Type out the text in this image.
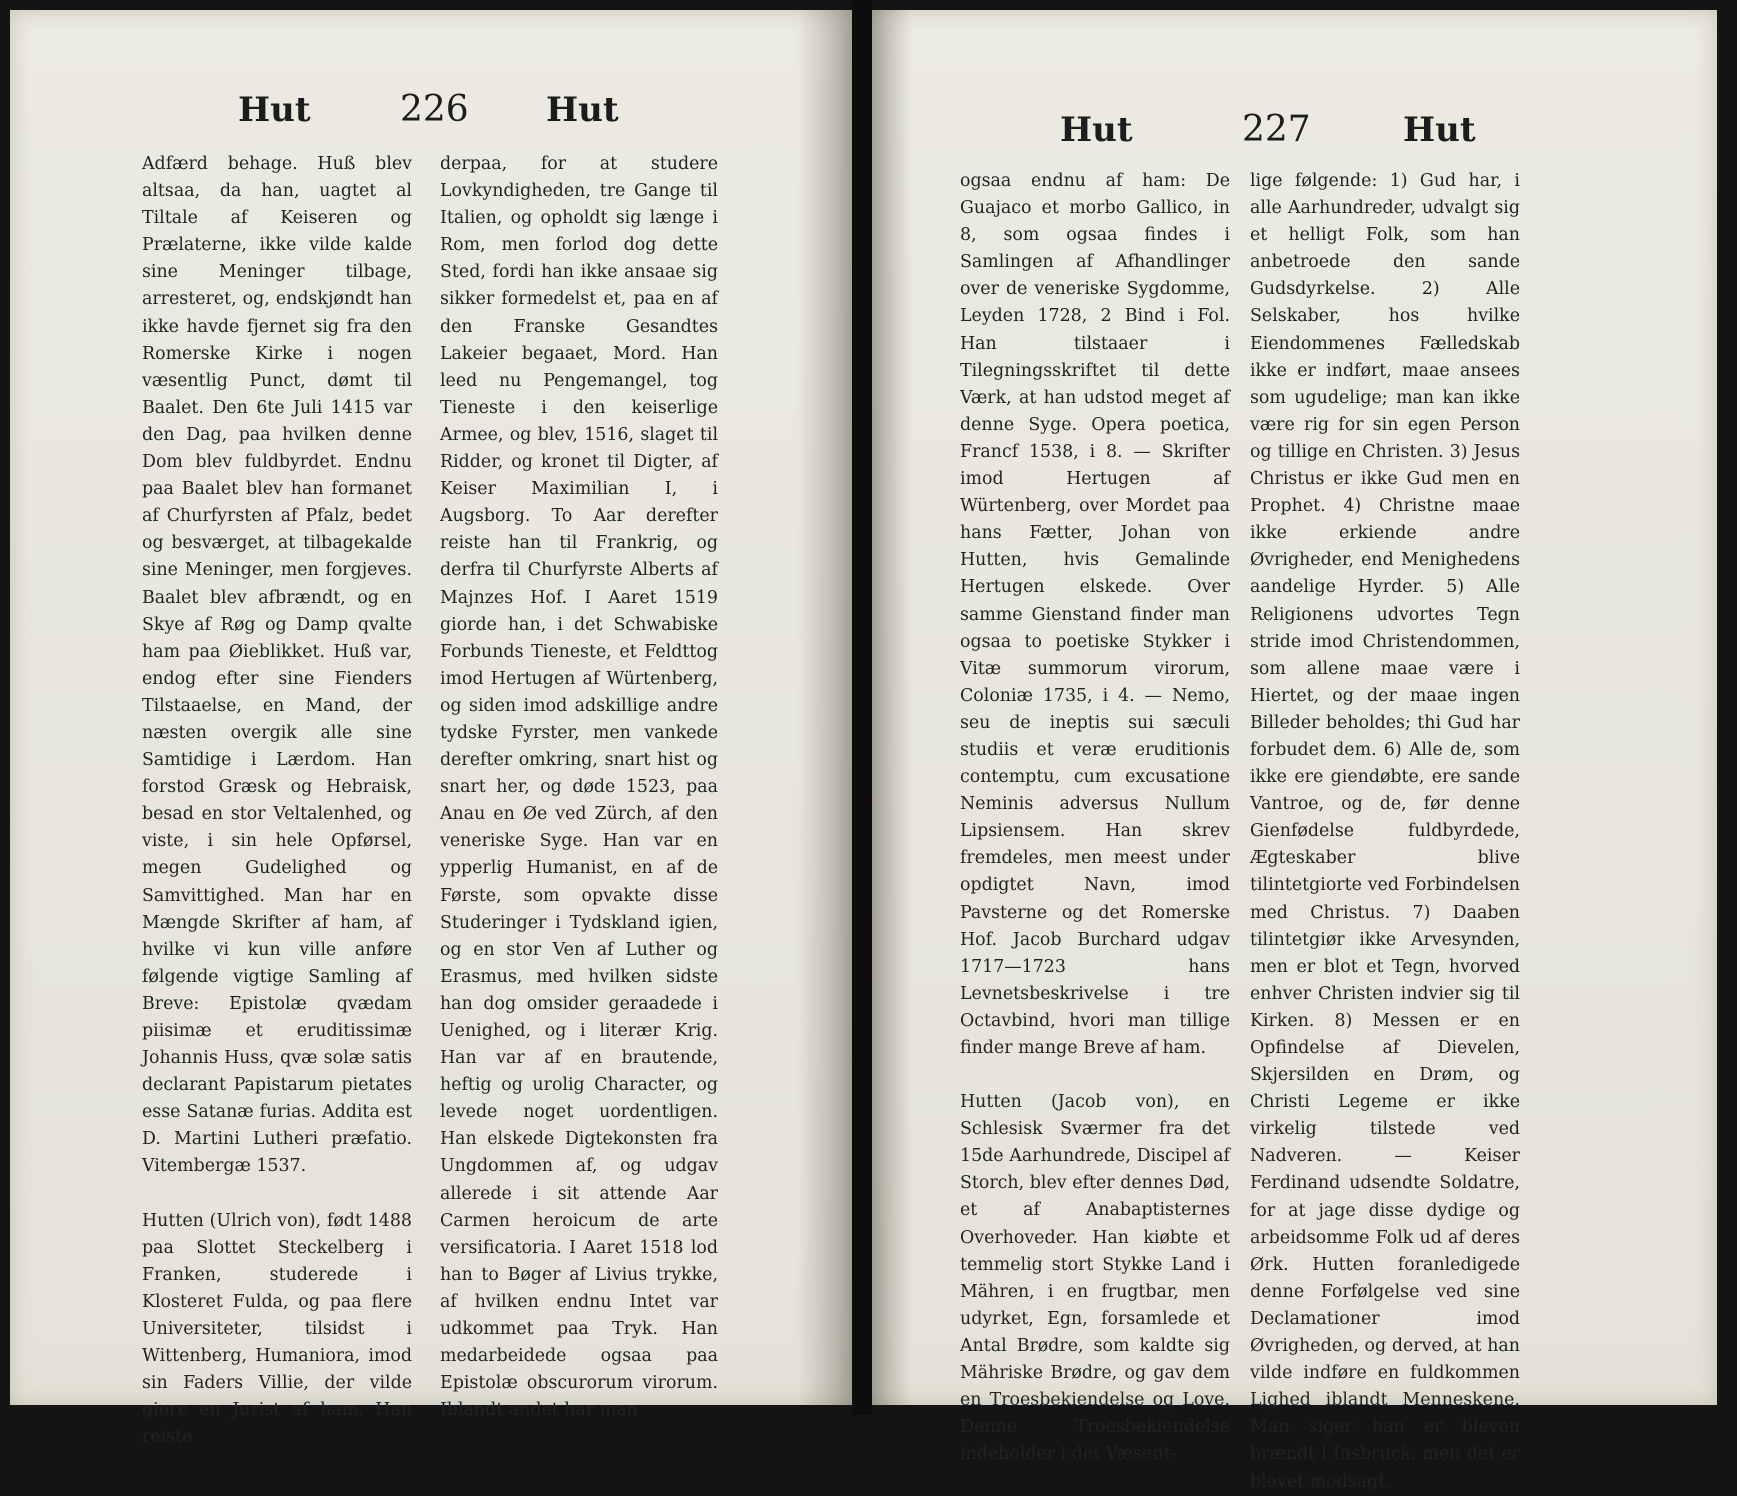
Hut 226 Hut

Adfærd behage. Huß blev altsaa, da han, uagtet al Tiltale af Keiseren og Prælaterne, ikke vilde kalde sine Meninger tilbage, arresteret, og, endskjøndt han ikke havde fjernet sig fra den Romerske Kirke i nogen væsentlig Punct, dømt til Baalet. Den 6te Juli 1415 var den Dag, paa hvilken denne Dom blev fuldbyrdet. Endnu paa Baalet blev han formanet af Churfyrsten af Pfalz, bedet og besværget, at tilbagekalde sine Meninger, men forgjeves. Baalet blev afbrændt, og en Skye af Røg og Damp qvalte ham paa Øieblikket. Huß var, endog efter sine Fienders Tilstaaelse, en Mand, der næsten overgik alle sine Samtidige i Lærdom. Han forstod Græsk og Hebraisk, besad en stor Veltalenhed, og viste, i sin hele Opførsel, megen Gudelighed og Samvittighed. Man har en Mængde Skrifter af ham, af hvilke vi kun ville anføre følgende vigtige Samling af Breve: Epistolæ qvædam piisimæ et eruditissimæ Johannis Huss, qvæ solæ satis declarant Papistarum pietates esse Satanæ furias. Addita est D. Martini Lutheri præfatio. Vitembergæ 1537.

Hutten (Ulrich von), født 1488 paa Slottet Steckelberg i Franken, studerede i Klosteret Fulda, og paa flere Universiteter, tilsidst i Wittenberg, Humaniora, imod sin Faders Villie, der vilde giøre en Jurist af ham. Han reiste

derpaa, for at studere Lovkyndigheden, tre Gange til Italien, og opholdt sig længe i Rom, men forlod dog dette Sted, fordi han ikke ansaae sig sikker formedelst et, paa en af den Franske Gesandtes Lakeier begaaet, Mord. Han leed nu Pengemangel, tog Tieneste i den keiserlige Armee, og blev, 1516, slaget til Ridder, og kronet til Digter, af Keiser Maximilian I, i Augsborg. To Aar derefter reiste han til Frankrig, og derfra til Churfyrste Alberts af Majnzes Hof. I Aaret 1519 giorde han, i det Schwabiske Forbunds Tieneste, et Feldttog imod Hertugen af Würtenberg, og siden imod adskillige andre tydske Fyrster, men vankede derefter omkring, snart hist og snart her, og døde 1523, paa Anau en Øe ved Zürch, af den veneriske Syge. Han var en ypperlig Humanist, en af de Første, som opvakte disse Studeringer i Tydskland igien, og en stor Ven af Luther og Erasmus, med hvilken sidste han dog omsider geraadede i Uenighed, og i literær Krig. Han var af en brautende, heftig og urolig Character, og levede noget uordentligen. Han elskede Digtekonsten fra Ungdommen af, og udgav allerede i sit attende Aar Carmen heroicum de arte versificatoria. I Aaret 1518 lod han to Bøger af Livius trykke, af hvilken endnu Intet var udkommet paa Tryk. Han medarbeidede ogsaa paa Epistolæ obscurorum virorum. Iblandt andet har man

Hut	227	Hut

ogsaa endnu af ham: De Guajaco et morbo Gallico, in 8, som ogsaa findes i Samlingen af Afhandlinger over de veneriske Sygdomme, Leyden 1728, 2 Bind i Fol. Han tilstaaer i Tilegningsskriftet til dette Værk, at han udstod meget af denne Syge. Opera poetica, Francf 1538, i 8. — Skrifter imod Hertugen af Würtenberg, over Mordet paa hans Fætter, Johan von Hutten, hvis Gemalinde Hertugen elskede. Over samme Gienstand finder man ogsaa to poetiske Stykker i Vitæ summorum virorum, Coloniæ 1735, i 4. — Nemo, seu de ineptis sui sæculi studiis et veræ eruditionis contemptu, cum excusatione Neminis adversus Nullum Lipsiensem. Han skrev fremdeles, men meest under opdigtet Navn, imod Pavsterne og det Romerske Hof. Jacob Burchard udgav 1717—1723 hans Levnetsbeskrivelse i tre Octavbind, hvori man tillige finder mange Breve af ham.

Hutten (Jacob von), en Schlesisk Sværmer fra det 15de Aarhundrede, Discipel af Storch, blev efter dennes Død, et af Anabaptisternes Overhoveder. Han kiøbte et temmelig stort Stykke Land i Mähren, i en frugtbar, men udyrket, Egn, forsamlede et Antal Brødre, som kaldte sig Mähriske Brødre, og gav dem en Troesbekiendelse og Love. Denne Troesbekiendelse indeholder i det Væsent-

lige følgende: 1) Gud har, i alle Aarhundreder, udvalgt sig et helligt Folk, som han anbetroede den sande Gudsdyrkelse. 2) Alle Selskaber, hos hvilke Eiendommenes Fælledskab ikke er indført, maae ansees som ugudelige; man kan ikke være rig for sin egen Person og tillige en Christen. 3) Jesus Christus er ikke Gud men en Prophet. 4) Christne maae ikke erkiende andre Øvrigheder, end Menighedens aandelige Hyrder. 5) Alle Religionens udvortes Tegn stride imod Christendommen, som allene maae være i Hiertet, og der maae ingen Billeder beholdes; thi Gud har forbudet dem. 6) Alle de, som ikke ere giendøbte, ere sande Vantroe, og de, før denne Gienfødelse fuldbyrdede, Ægteskaber blive tilintetgiorte ved Forbindelsen med Christus. 7) Daaben tilintetgiør ikke Arvesynden, men er blot et Tegn, hvorved enhver Christen indvier sig til Kirken. 8) Messen er en Opfindelse af Dievelen, Skjersilden en Drøm, og Christi Legeme er ikke virkelig tilstede ved Nadveren. — Keiser Ferdinand udsendte Soldatre, for at jage disse dydige og arbeidsomme Folk ud af deres Ørk. Hutten foranledigede denne Forfølgelse ved sine Declamationer imod Øvrigheden, og derved, at han vilde indføre en fuldkommen Lighed iblandt Menneskene. Man siger han er bleven brændt i Insbruck, men det er blevet modsagt.
